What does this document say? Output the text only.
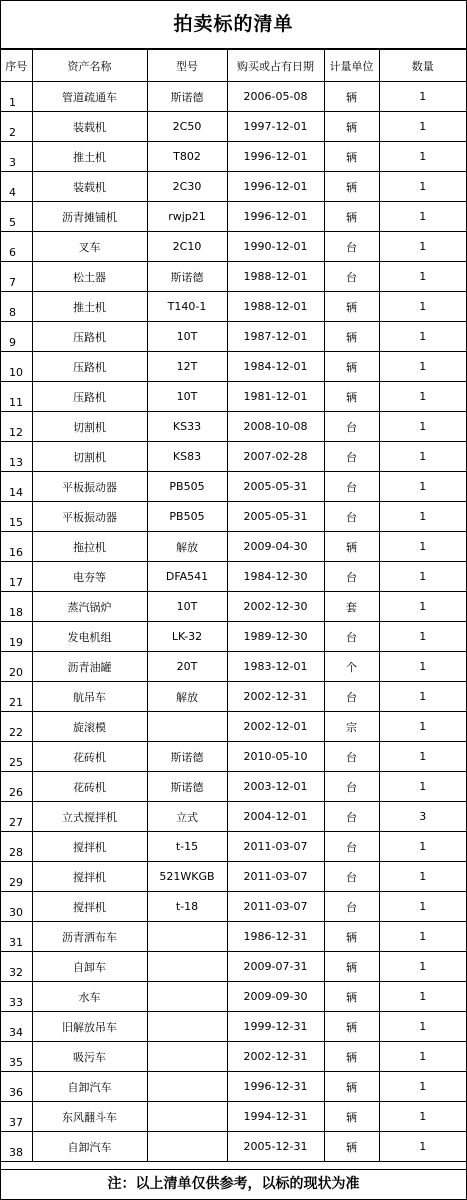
拍卖标的清单
序号	资产名称	型号	购买或占有日期	计量单位	数量
1	管道疏通车	斯诺德	2006-05-08	辆	1
2	装载机	2C50	1997-12-01	辆	1
3	推土机	T802	1996-12-01	辆	1
4	装载机	2C30	1996-12-01	辆	1
5	沥青摊铺机	rwjp21	1996-12-01	辆	1
6	叉车	2C10	1990-12-01	台	1
7	松土器	斯诺德	1988-12-01	台	1
8	推土机	T140-1	1988-12-01	辆	1
9	压路机	10T	1987-12-01	辆	1
10	压路机	12T	1984-12-01	辆	1
11	压路机	10T	1981-12-01	辆	1
12	切割机	KS33	2008-10-08	台	1
13	切割机	KS83	2007-02-28	台	1
14	平板振动器	PB505	2005-05-31	台	1
15	平板振动器	PB505	2005-05-31	台	1
16	拖拉机	解放	2009-04-30	辆	1
17	电夯等	DFA541	1984-12-30	台	1
18	蒸汽锅炉	10T	2002-12-30	套	1
19	发电机组	LK-32	1989-12-30	台	1
20	沥青油罐	20T	1983-12-01	个	1
21	航吊车	解放	2002-12-31	台	1
22	旋滚模		2002-12-01	宗	1
25	花砖机	斯诺德	2010-05-10	台	1
26	花砖机	斯诺德	2003-12-01	台	1
27	立式搅拌机	立式	2004-12-01	台	3
28	搅拌机	t-15	2011-03-07	台	1
29	搅拌机	521WKGB	2011-03-07	台	1
30	搅拌机	t-18	2011-03-07	台	1
31	沥青洒布车		1986-12-31	辆	1
32	自卸车		2009-07-31	辆	1
33	水车		2009-09-30	辆	1
34	旧解放吊车		1999-12-31	辆	1
35	吸污车		2002-12-31	辆	1
36	自卸汽车		1996-12-31	辆	1
37	东风翻斗车		1994-12-31	辆	1
38	自卸汽车		2005-12-31	辆	1
注：以上清单仅供参考，以标的现状为准
